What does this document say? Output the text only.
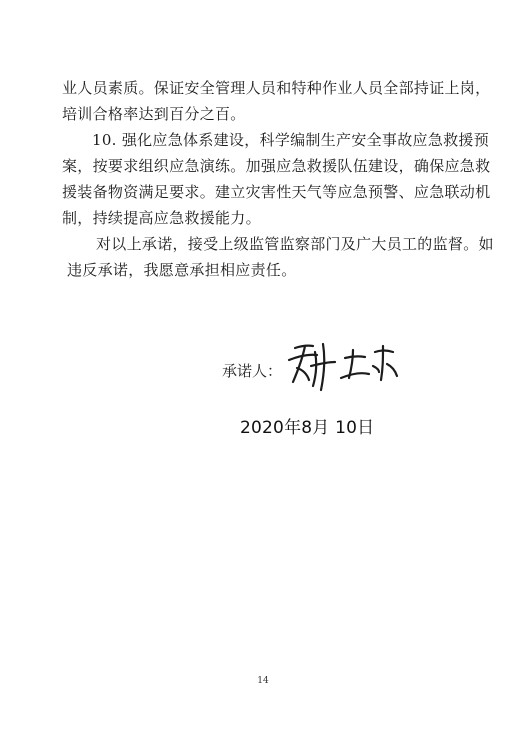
业人员素质。保证安全管理人员和特种作业人员全部持证上岗，
培训合格率达到百分之百。
10. 强化应急体系建设，科学编制生产安全事故应急救援预
案，按要求组织应急演练。加强应急救援队伍建设，确保应急救
援装备物资满足要求。建立灾害性天气等应急预警、应急联动机
制，持续提高应急救援能力。
对以上承诺，接受上级监管监察部门及广大员工的监督。如
违反承诺，我愿意承担相应责任。
承诺人：
2020年8月 10日
14
